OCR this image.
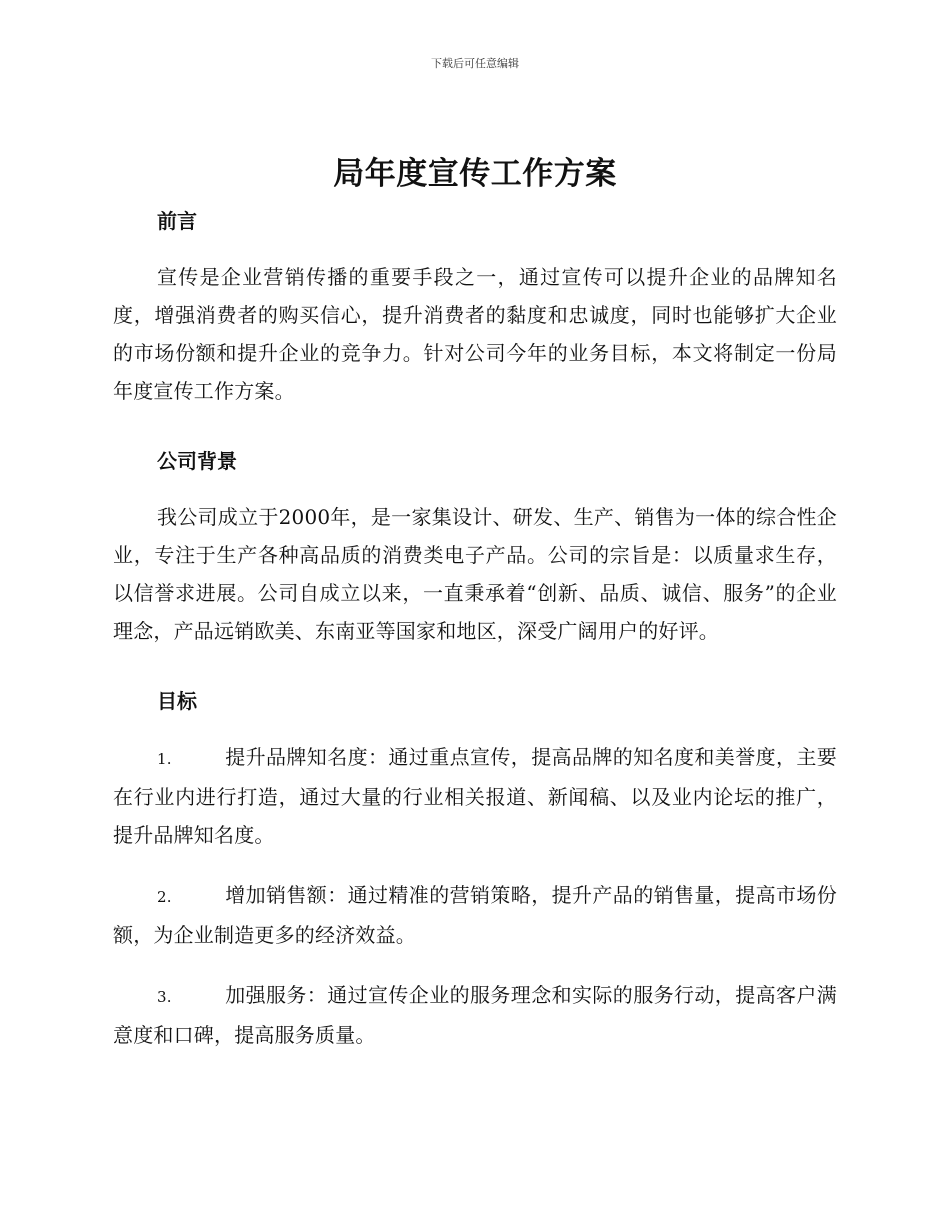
下载后可任意编辑
局年度宣传工作方案
前言

宣传是企业营销传播的重要手段之一，通过宣传可以提升企业的品牌知名度，增强消费者的购买信心，提升消费者的黏度和忠诚度，同时也能够扩大企业的市场份额和提升企业的竞争力。针对公司今年的业务目标，本文将制定一份局年度宣传工作方案。

公司背景

我公司成立于2000年，是一家集设计、研发、生产、销售为一体的综合性企业，专注于生产各种高品质的消费类电子产品。公司的宗旨是：以质量求生存，以信誉求进展。公司自成立以来，一直秉承着“创新、品质、诚信、服务”的企业理念，产品远销欧美、东南亚等国家和地区，深受广阔用户的好评。

目标

1.	提升品牌知名度：通过重点宣传，提高品牌的知名度和美誉度，主要在行业内进行打造，通过大量的行业相关报道、新闻稿、以及业内论坛的推广，提升品牌知名度。

2.	增加销售额：通过精准的营销策略，提升产品的销售量，提高市场份额，为企业制造更多的经济效益。

3.	加强服务：通过宣传企业的服务理念和实际的服务行动，提高客户满意度和口碑，提高服务质量。
